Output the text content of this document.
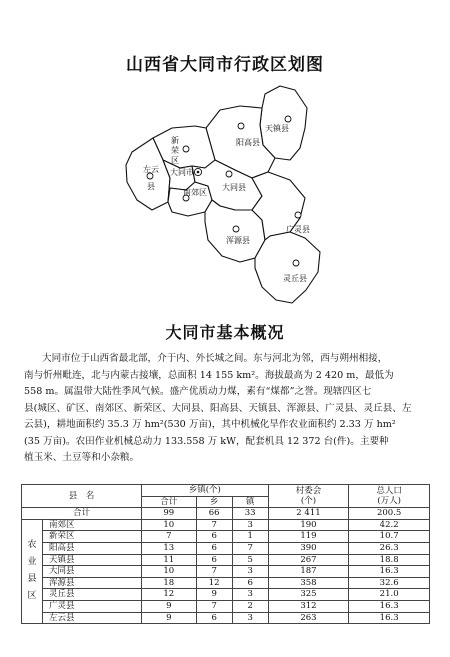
山西省大同市行政区划图
天镇县
阳高县
新
荣
区
左云
县
大同市
南郊区
大同县
浑源县
广灵县
灵丘县
大同市基本概况
大同市位于山西省最北部，介于内、外长城之间。东与河北为邻，西与朔州相接，
南与忻州毗连，北与内蒙古接壤，总面积 14 155 km²。海拔最高为 2 420 m，最低为
558 m。属温带大陆性季风气候。盛产优质动力煤，素有“煤都”之誉。现辖四区七
县(城区、矿区、南郊区、新荣区、大同县、阳高县、天镇县、浑源县、广灵县、灵丘县、左
云县)，耕地面积约 35.3 万 hm²(530 万亩)，其中机械化旱作农业面积约 2.33 万 hm²
(35 万亩)。农田作业机械总动力 133.558 万 kW，配套机具 12 372 台(件)。主要种
植玉米、土豆等和小杂粮。
县　名		乡镇(个)			村委会
(个)	总人口
(万人)
		合计	乡	镇		
合计		99	66	33	2 411	200.5
农
业
县
区	南郊区	10	7	3	190	42.2
	新荣区	7	6	1	119	10.7
	阳高县	13	6	7	390	26.3
	天镇县	11	6	5	267	18.8
	大同县	10	7	3	187	16.3
	浑源县	18	12	6	358	32.6
	灵丘县	12	9	3	325	21.0
	广灵县	9	7	2	312	16.3
	左云县	9	6	3	263	16.3
